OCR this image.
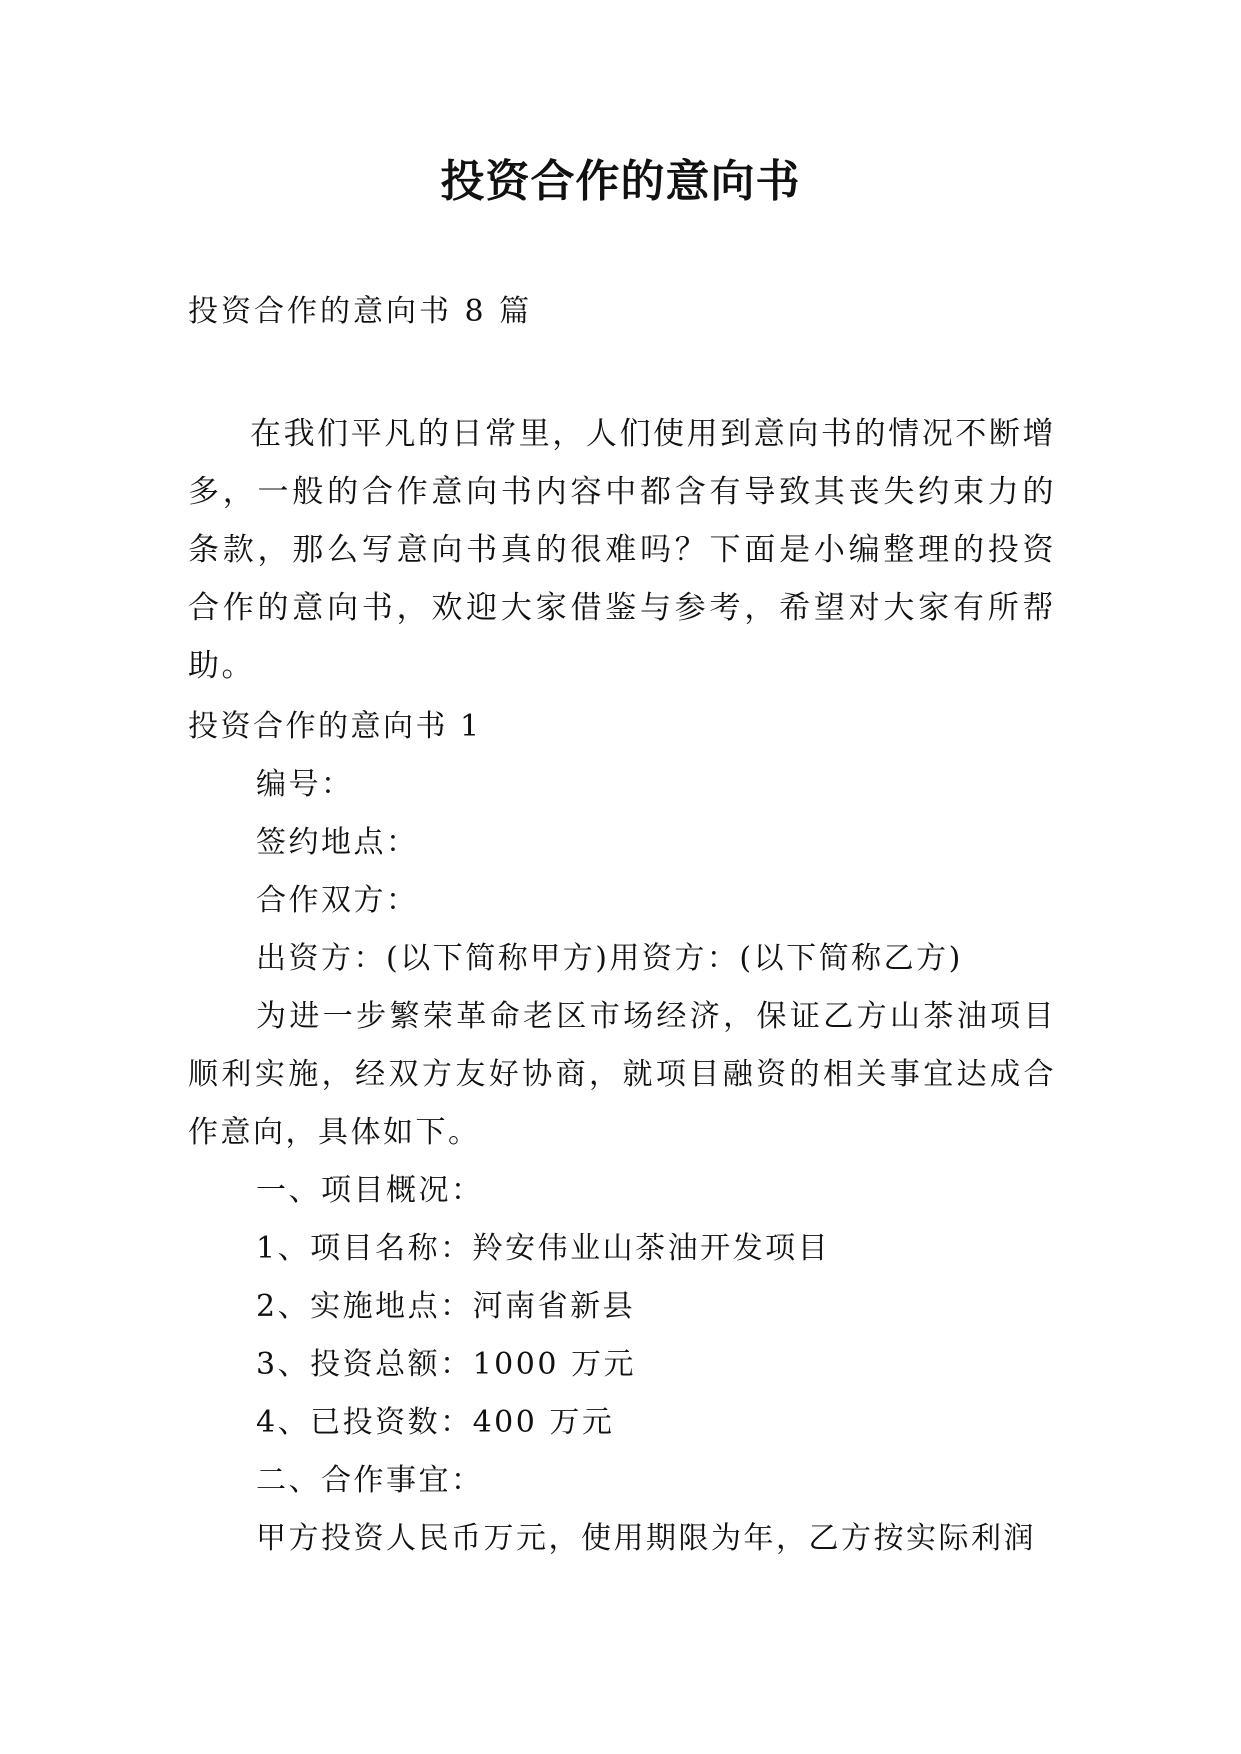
投资合作的意向书
投资合作的意向书 8 篇

在我们平凡的日常里，人们使用到意向书的情况不断增多，一般的合作意向书内容中都含有导致其丧失约束力的条款，那么写意向书真的很难吗？下面是小编整理的投资合作的意向书，欢迎大家借鉴与参考，希望对大家有所帮助。

投资合作的意向书 1

编号：

签约地点：

合作双方：

出资方：(以下简称甲方)用资方：(以下简称乙方)

为进一步繁荣革命老区市场经济，保证乙方山茶油项目顺利实施，经双方友好协商，就项目融资的相关事宜达成合作意向，具体如下。

一、项目概况：

1、项目名称：羚安伟业山茶油开发项目

2、实施地点：河南省新县

3、投资总额：1000 万元

4、已投资数：400 万元

二、合作事宜：

甲方投资人民币万元，使用期限为年，乙方按实际利润
